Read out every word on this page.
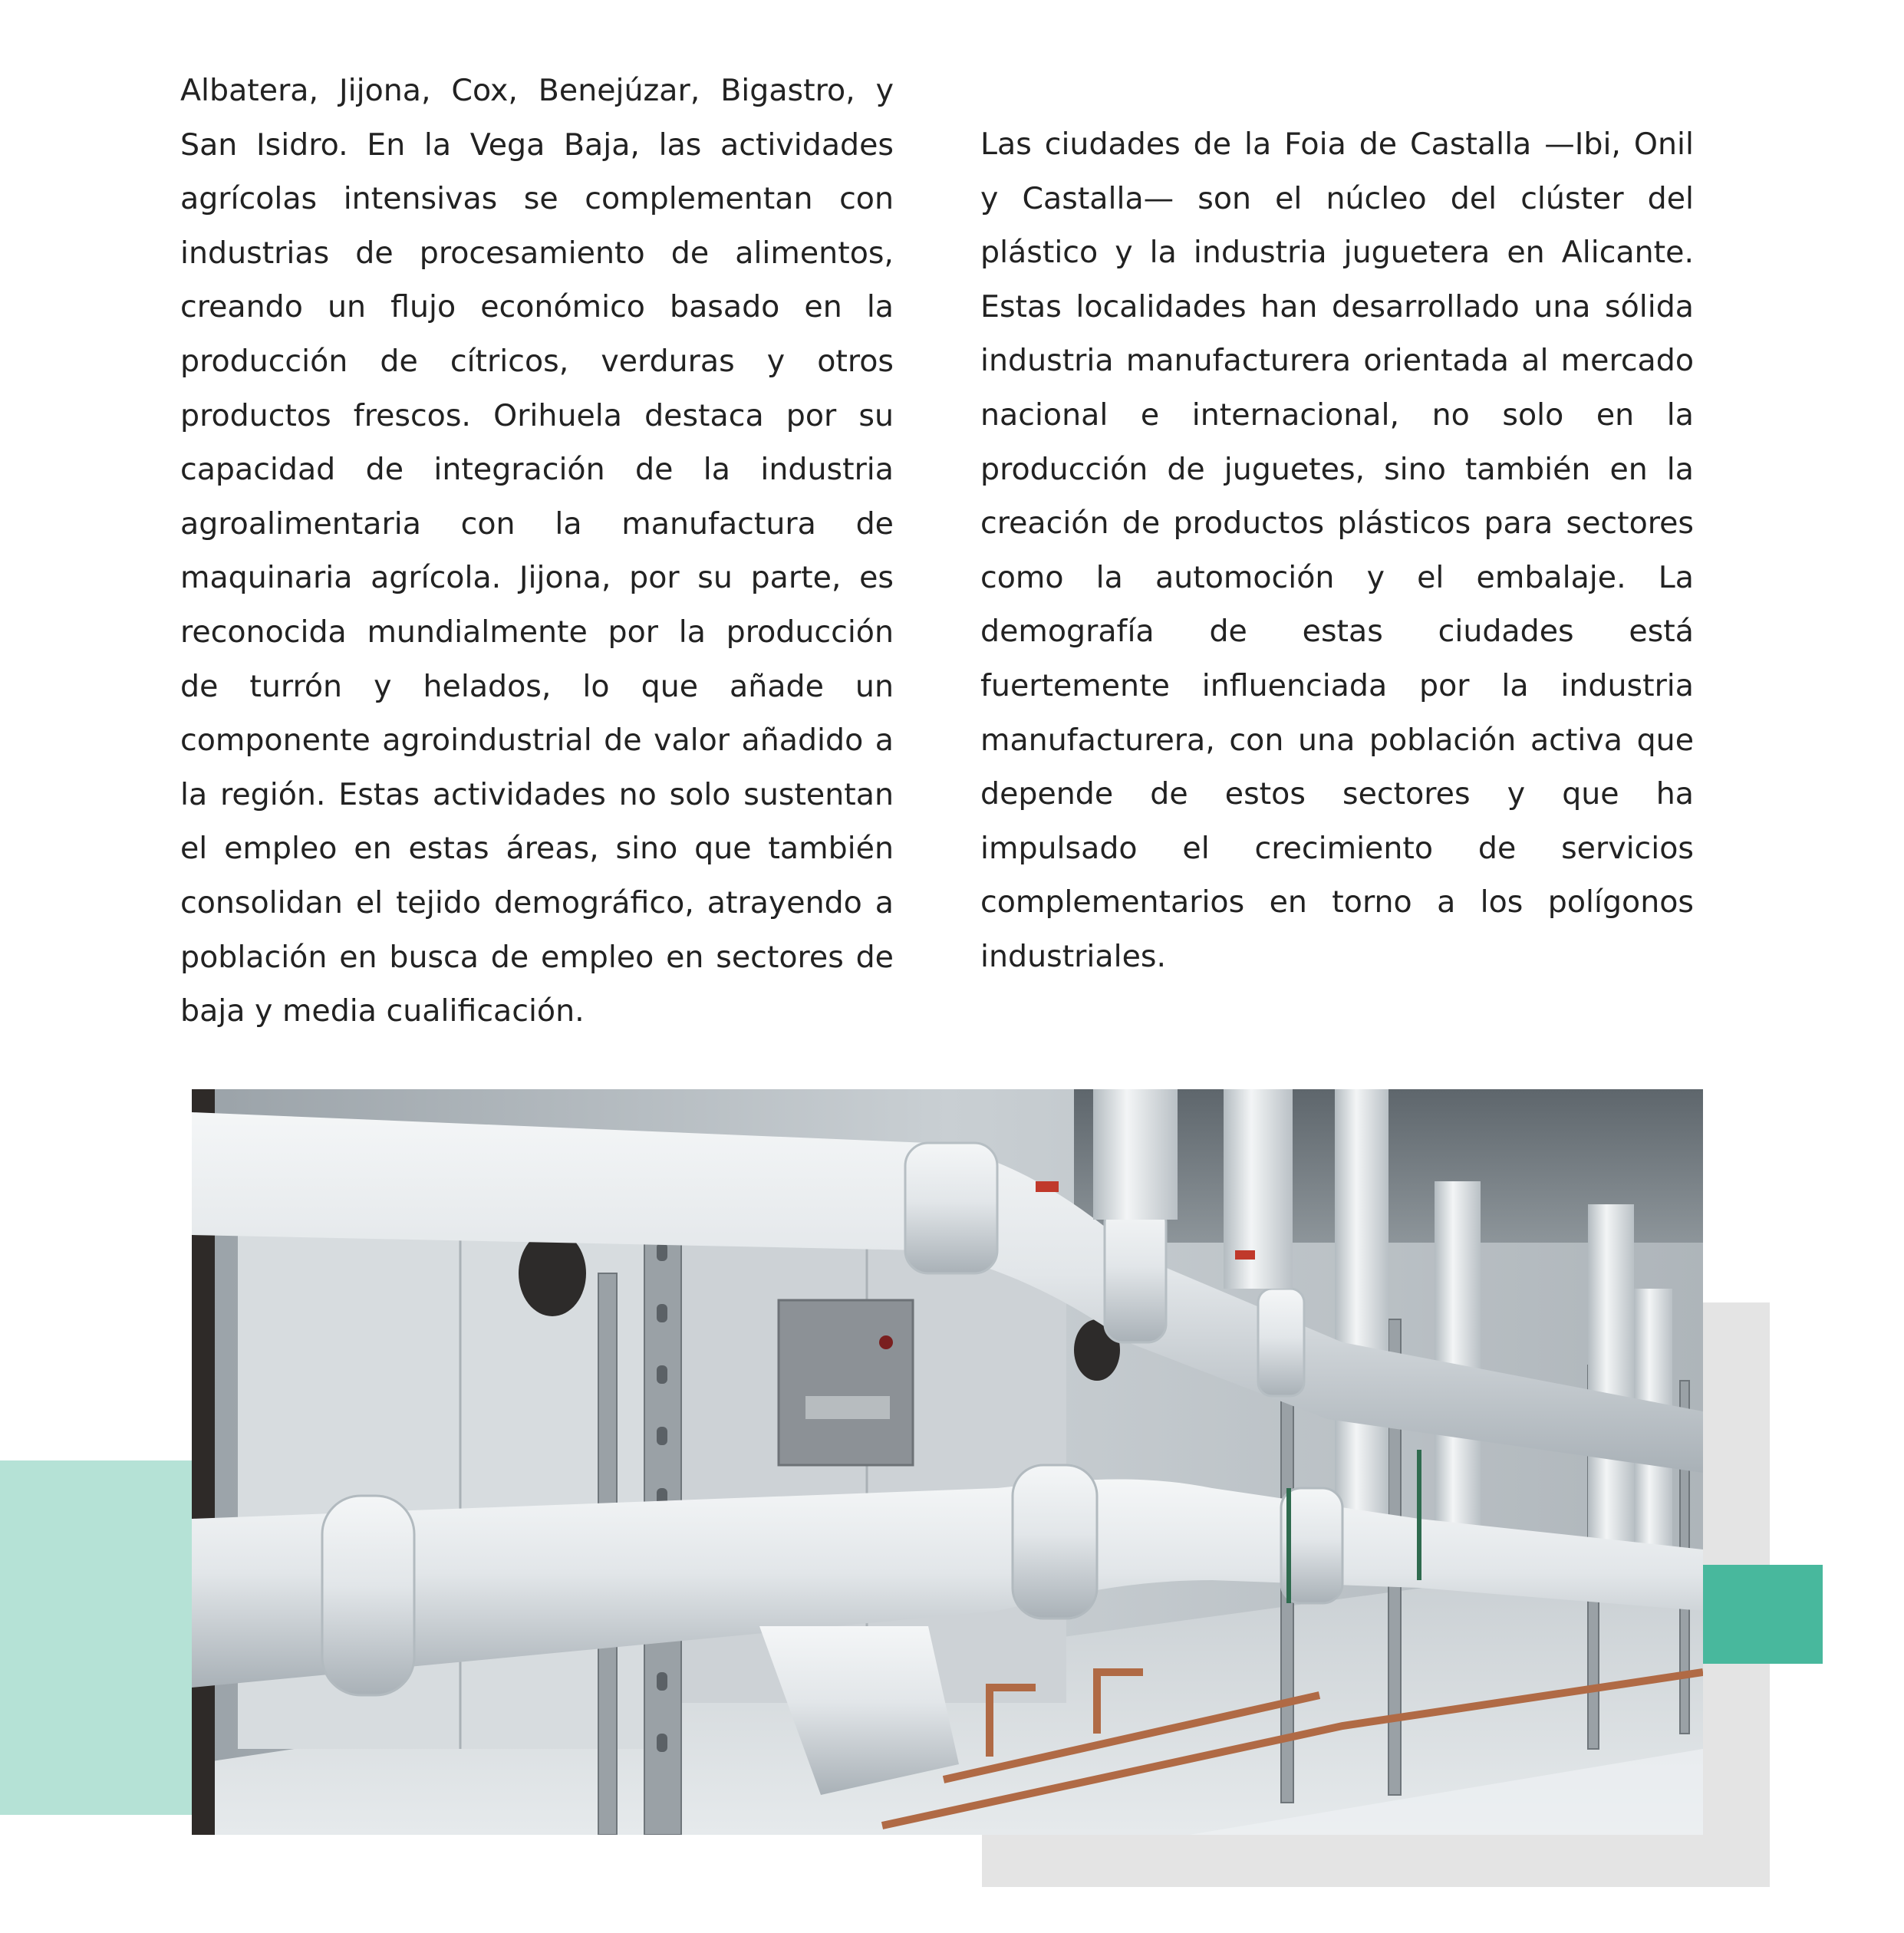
Albatera, Jijona, Cox, Benejúzar, Bigastro, y San Isidro. En la Vega Baja, las actividades agrícolas intensivas se complementan con industrias de procesamiento de alimentos, creando un flujo económico basado en la producción de cítricos, verduras y otros productos frescos. Orihuela destaca por su capacidad de integración de la industria agroalimentaria con la manufactura de maquinaria agrícola. Jijona, por su parte, es reconocida mundialmente por la producción de turrón y helados, lo que añade un componente agroindustrial de valor añadido a la región. Estas actividades no solo sustentan el empleo en estas áreas, sino que también consolidan el tejido demográfico, atrayendo a población en busca de empleo en sectores de baja y media cualificación.

Las ciudades de la Foia de Castalla —Ibi, Onil y Castalla— son el núcleo del clúster del plástico y la industria juguetera en Alicante. Estas localidades han desarrollado una sólida industria manufacturera orientada al mercado nacional e internacional, no solo en la producción de juguetes, sino también en la creación de productos plásticos para sectores como la automoción y el embalaje. La demografía de estas ciudades está fuertemente influenciada por la industria manufacturera, con una población activa que depende de estos sectores y que ha impulsado el crecimiento de servicios complementarios en torno a los polígonos industriales.
